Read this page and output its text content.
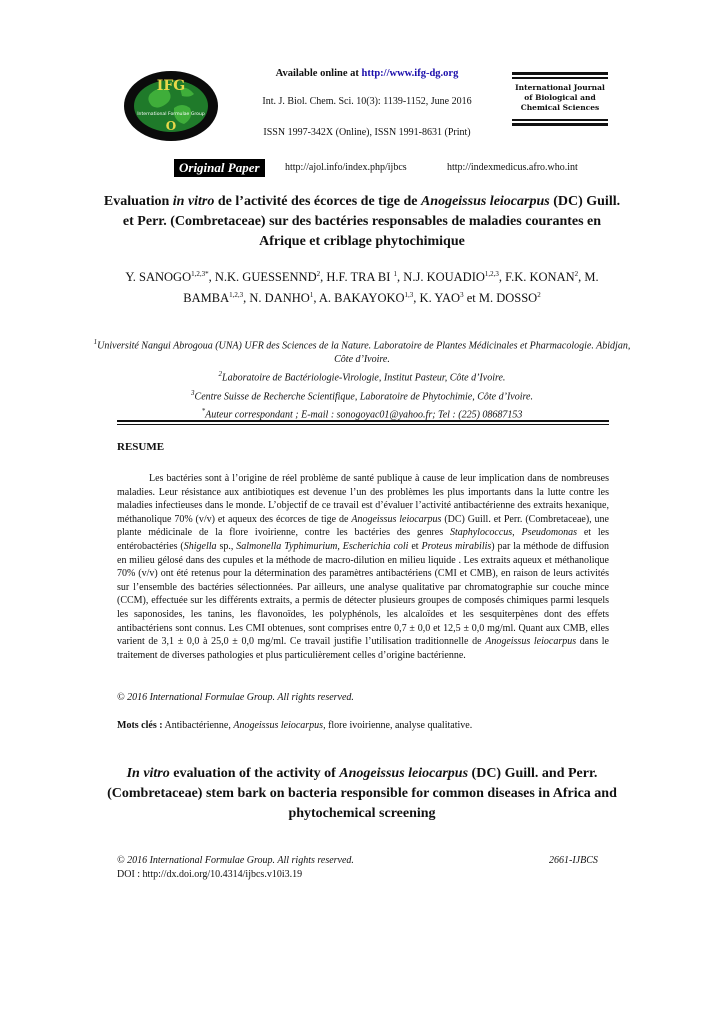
IFG
O
International Formulae Group
Available online at http://www.ifg-dg.org
Int. J. Biol. Chem. Sci. 10(3): 1139-1152, June 2016
ISSN 1997-342X (Online), ISSN 1991-8631 (Print)
International Journal
of Biological and
Chemical Sciences
Original Paper	http://ajol.info/index.php/ijbcs	http://indexmedicus.afro.who.int
Evaluation in vitro de l’activité des écorces de tige de Anogeissus leiocarpus (DC) Guill. et Perr. (Combretaceae) sur des bactéries responsables de maladies courantes en Afrique et criblage phytochimique
Y. $SANOGO^{1,2,3*}$, N.K. GUESSENND$^2$, H.F. TRA BI $^1$, N.J. KOUADIO$^{1,2,3}$, F.K. KONAN$^2$, M. BAMBA$^{1,2,3}$, N. DANHO$^1$, A. BAKAYOKO$^{1,3}$, K. YAO$^3$ et M. DOSSO$^2$
$^1$Université Nangui Abrogoua (UNA) UFR des Sciences de la Nature. Laboratoire de Plantes Médicinales et Pharmacologie. Abidjan, Côte d’Ivoire.
$^2$Laboratoire de Bactériologie-Virologie, Institut Pasteur, Côte d’Ivoire.
$^3$Centre Suisse de Recherche Scientifique, Laboratoire de Phytochimie, Côte d’Ivoire.
*Auteur correspondant ; E-mail : sonogoyac01@yahoo.fr; Tel : (225) 08687153
RESUME
Les bactéries sont à l’origine de réel problème de santé publique à cause de leur implication dans de nombreuses maladies. Leur résistance aux antibiotiques est devenue l’un des problèmes les plus importants dans la lutte contre les maladies infectieuses dans le monde. L’objectif de ce travail est d’évaluer l’activité antibactérienne des extraits hexanique, méthanolique 70% (v/v) et aqueux des écorces de tige de Anogeissus leiocarpus (DC) Guill. et Perr. (Combretaceae), une plante médicinale de la flore ivoirienne, contre les bactéries des genres Staphylococcus, Pseudomonas et les entérobactéries (Shigella sp., Salmonella Typhimurium, Escherichia coli et Proteus mirabilis) par la méthode de diffusion en milieu gélosé dans des cupules et la méthode de macro-dilution en milieu liquide . Les extraits aqueux et méthanolique 70% (v/v) ont été retenus pour la détermination des paramètres antibactériens (CMI et CMB), en raison de leurs activités sur l’ensemble des bactéries sélectionnées. Par ailleurs, une analyse qualitative par chromatographie sur couche mince (CCM), effectuée sur les différents extraits, a permis de détecter plusieurs groupes de composés chimiques parmi lesquels les saponosides, les tanins, les flavonoïdes, les polyphénols, les alcaloïdes et les sesquiterpènes dont des effets antibactériens sont connus. Les CMI obtenues, sont comprises entre 0,7 ± 0,0 et 12,5 ± 0,0 mg/ml. Quant aux CMB, elles varient de 3,1 ± 0,0 à 25,0 ± 0,0 mg/ml. Ce travail justifie l’utilisation traditionnelle de Anogeissus leiocarpus dans le traitement de diverses pathologies et plus particulièrement celles d’origine bactérienne.
© 2016 International Formulae Group. All rights reserved.
Mots clés : Antibactérienne, Anogeissus leiocarpus, flore ivoirienne, analyse qualitative.
In vitro evaluation of the activity of Anogeissus leiocarpus (DC) Guill. and Perr. (Combretaceae) stem bark on bacteria responsible for common diseases in Africa and phytochemical screening
© 2016 International Formulae Group. All rights reserved.	2661-IJBCS
DOI : http://dx.doi.org/10.4314/ijbcs.v10i3.19
